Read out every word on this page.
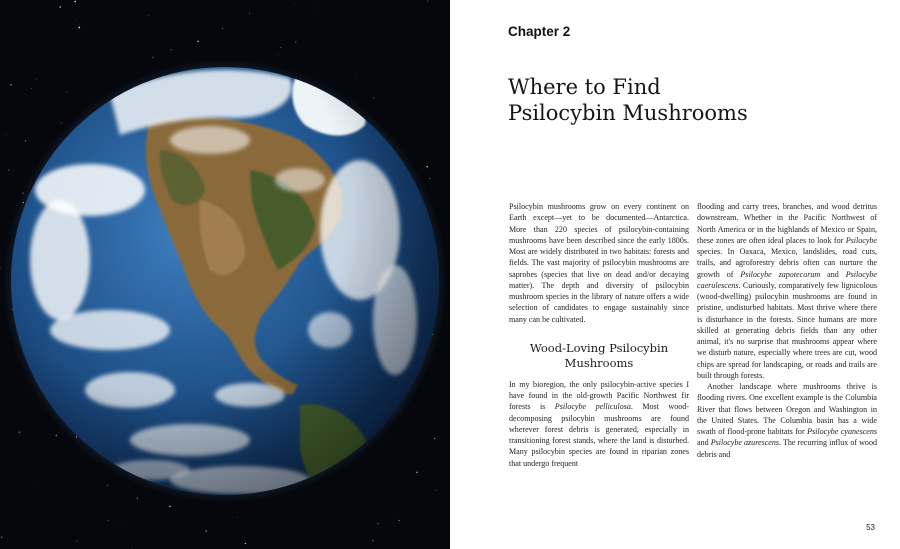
Chapter 2
Where to Find
Psilocybin Mushrooms

Psilocybin mushrooms grow on every continent on Earth except—yet to be documented—Antarctica. More than 220 species of psilocybin-containing mushrooms have been described since the early 1800s. Most are widely distributed in two habitats: forests and fields. The vast majority of psilocybin mushrooms are saprobes (species that live on dead and/or decaying matter). The depth and diversity of psilocybin mushroom species in the library of nature offers a wide selection of candidates to engage sustainably since many can be cultivated.

Wood-Loving Psilocybin
Mushrooms

In my bioregion, the only psilocybin-active species I have found in the old-growth Pacific Northwest fir forests is Psilocybe pelliculosa. Most wood-decomposing psilocybin mushrooms are found wherever forest debris is generated, especially in transitioning forest stands, where the land is disturbed. Many psilocybin species are found in riparian zones that undergo frequent

flooding and carry trees, branches, and wood detritus downstream. Whether in the Pacific Northwest of North America or in the highlands of Mexico or Spain, these zones are often ideal places to look for Psilocybe species. In Oaxaca, Mexico, landslides, road cuts, trails, and agroforestry debris often can nurture the growth of Psilocybe zapotecorum and Psilocybe caerulescens. Curiously, comparatively few lignicolous (wood-dwelling) psilocybin mushrooms are found in pristine, undisturbed habitats. Most thrive where there is disturbance in the forests. Since humans are more skilled at generating debris fields than any other animal, it's no surprise that mushrooms appear where we disturb nature, especially where trees are cut, wood chips are spread for landscaping, or roads and trails are built through forests.

Another landscape where mushrooms thrive is flooding rivers. One excellent example is the Columbia River that flows between Oregon and Washington in the United States. The Columbia basin has a wide swath of flood-prone habitats for Psilocybe cyanescens and Psilocybe azurescens. The recurring influx of wood debris and

53
